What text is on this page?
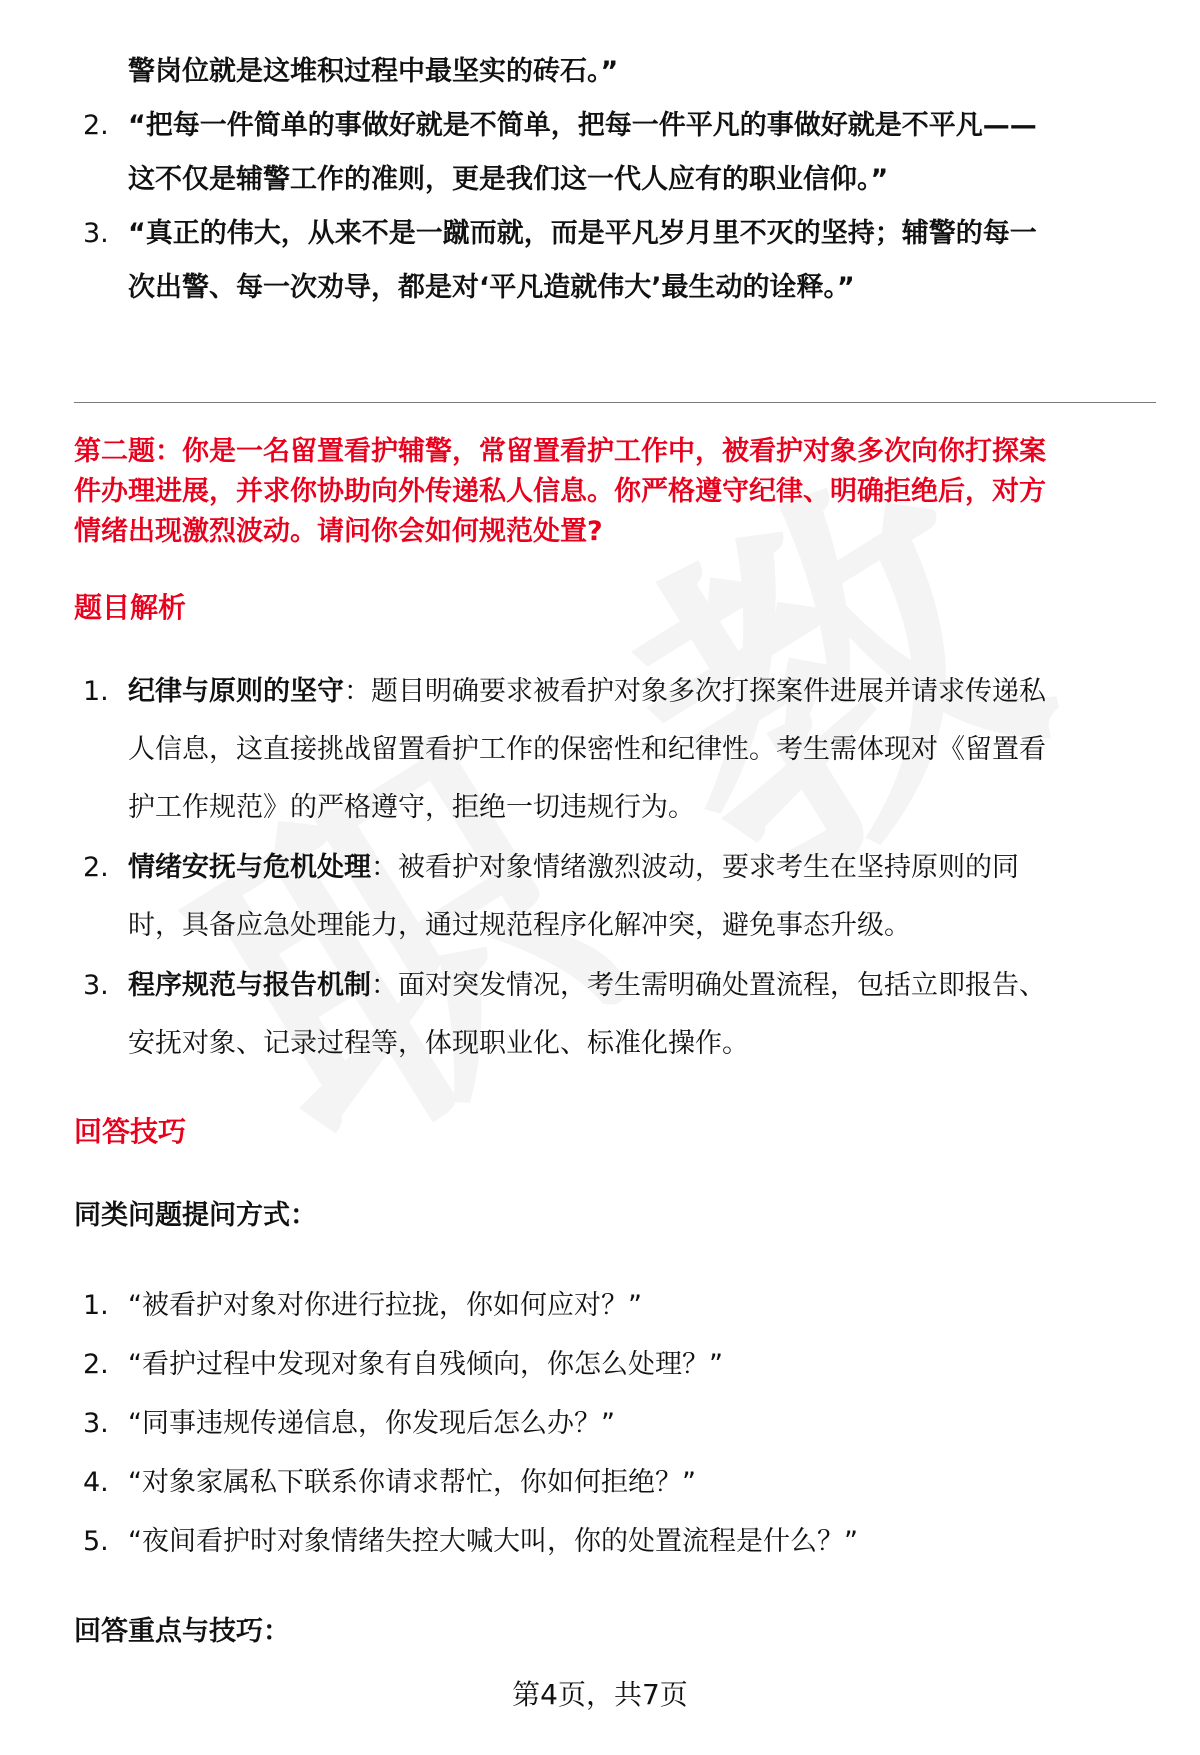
警岗位就是这堆积过程中最坚实的砖石。”
2. “把每一件简单的事做好就是不简单，把每一件平凡的事做好就是不平凡——
这不仅是辅警工作的准则，更是我们这一代人应有的职业信仰。”
3. “真正的伟大，从来不是一蹴而就，而是平凡岁月里不灭的坚持；辅警的每一
次出警、每一次劝导，都是对‘平凡造就伟大’最生动的诠释。”
第二题：你是一名留置看护辅警，常留置看护工作中，被看护对象多次向你打探案
件办理进展，并求你协助向外传递私人信息。你严格遵守纪律、明确拒绝后，对方
情绪出现激烈波动。请问你会如何规范处置?
题目解析
1. 纪律与原则的坚守：题目明确要求被看护对象多次打探案件进展并请求传递私
人信息，这直接挑战留置看护工作的保密性和纪律性。考生需体现对《留置看
护工作规范》的严格遵守，拒绝一切违规行为。
2. 情绪安抚与危机处理：被看护对象情绪激烈波动，要求考生在坚持原则的同
时，具备应急处理能力，通过规范程序化解冲突，避免事态升级。
3. 程序规范与报告机制：面对突发情况，考生需明确处置流程，包括立即报告、
安抚对象、记录过程等，体现职业化、标准化操作。
回答技巧
同类问题提问方式：
1. “被看护对象对你进行拉拢，你如何应对？”
2. “看护过程中发现对象有自残倾向，你怎么处理？”
3. “同事违规传递信息，你发现后怎么办？”
4. “对象家属私下联系你请求帮忙，你如何拒绝？”
5. “夜间看护时对象情绪失控大喊大叫，你的处置流程是什么？”
回答重点与技巧：
第4页，共7页
